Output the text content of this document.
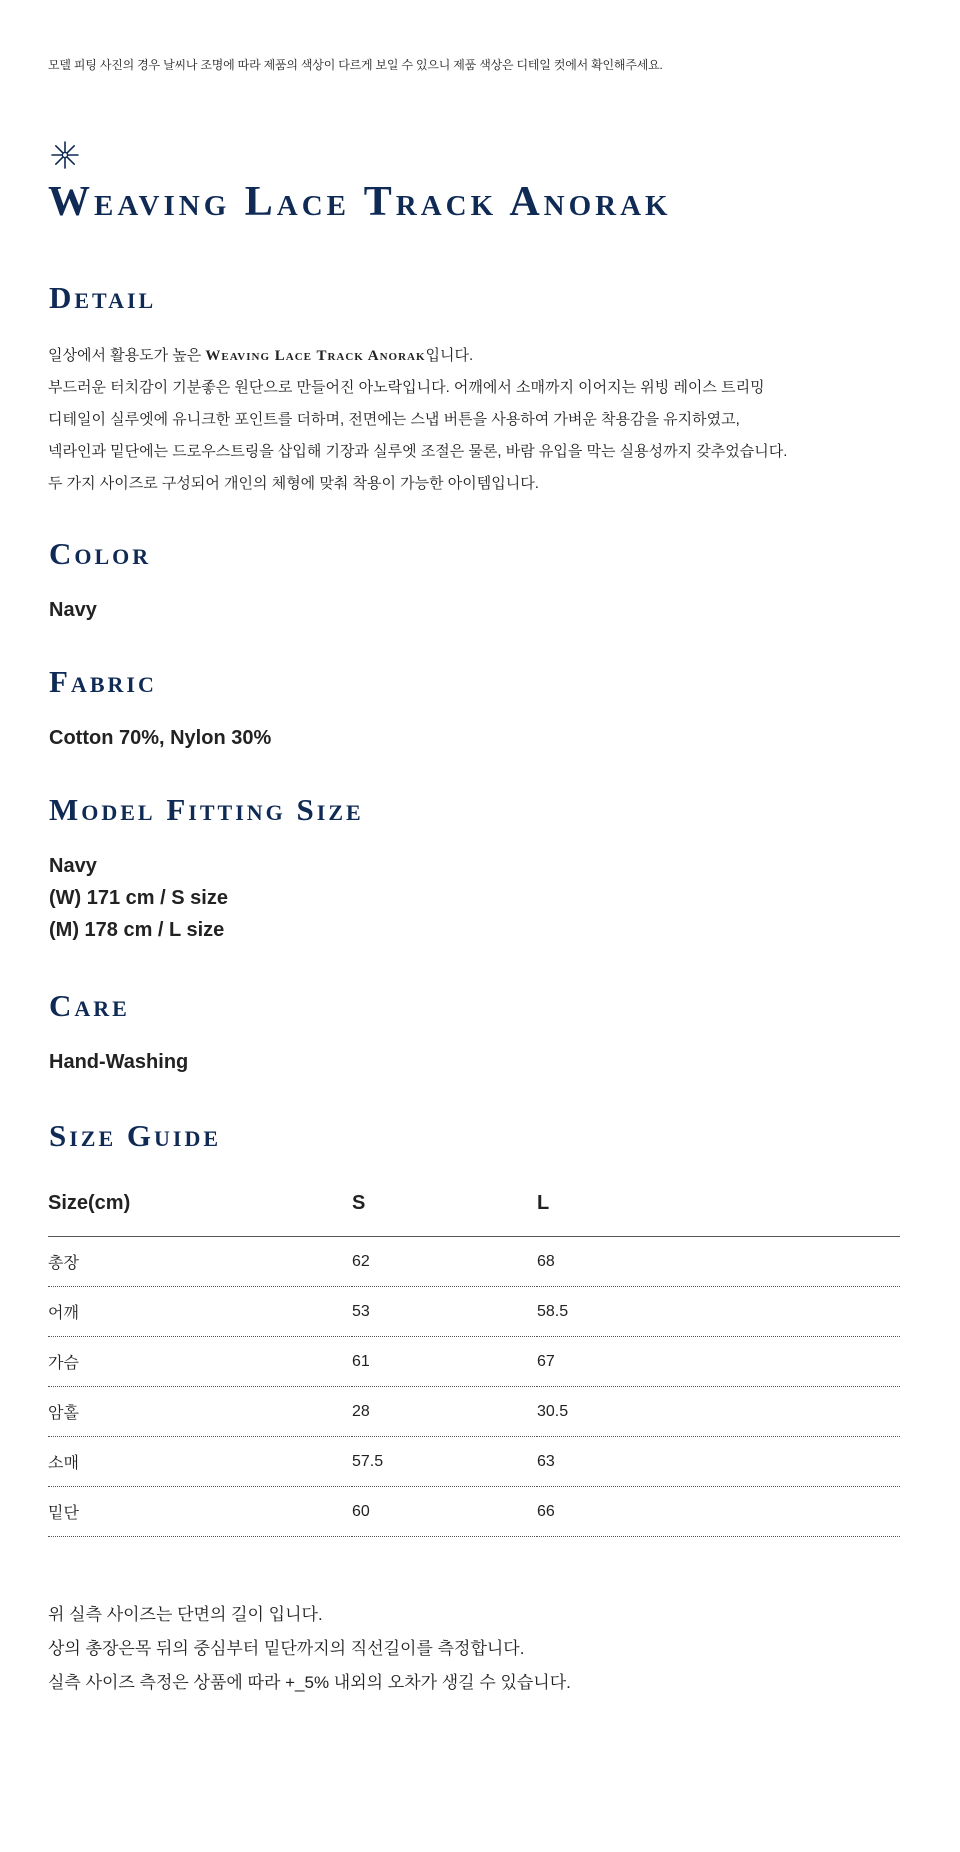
모델 피팅 사진의 경우 날씨나 조명에 따라 제품의 색상이 다르게 보일 수 있으니 제품 색상은 디테일 컷에서 확인해주세요.
Weaving Lace Track Anorak
Detail

일상에서 활용도가 높은 Weaving Lace Track Anorak입니다.

부드러운 터치감이 기분좋은 원단으로 만들어진 아노락입니다. 어깨에서 소매까지 이어지는 위빙 레이스 트리밍

디테일이 실루엣에 유니크한 포인트를 더하며, 전면에는 스냅 버튼을 사용하여 가벼운 착용감을 유지하였고,

넥라인과 밑단에는 드로우스트링을 삽입해 기장과 실루엣 조절은 물론, 바람 유입을 막는 실용성까지 갖추었습니다.

두 가지 사이즈로 구성되어 개인의 체형에 맞춰 착용이 가능한 아이템입니다.

Color
Navy
Fabric
Cotton 70%, Nylon 30%
Model Fitting Size
Navy
(W) 171 cm / S size
(M) 178 cm / L size
Care
Hand-Washing
Size Guide
Size(cm)	S	L
총장	62	68
어깨	53	58.5
가슴	61	67
암홀	28	30.5
소매	57.5	63
밑단	60	66

위 실측 사이즈는 단면의 길이 입니다.

상의 총장은목 뒤의 중심부터 밑단까지의 직선길이를 측정합니다.

실측 사이즈 측정은 상품에 따라 +_5% 내외의 오차가 생길 수 있습니다.
